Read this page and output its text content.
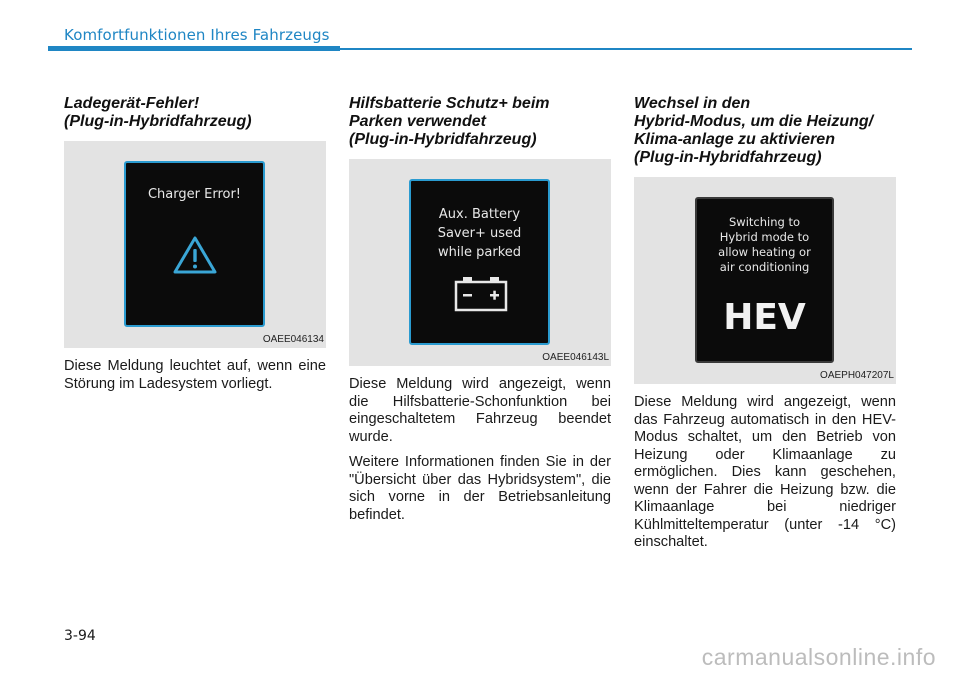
Komfortfunktionen Ihres Fahrzeugs
Ladegerät-Fehler!
(Plug-in-Hybridfahrzeug)
Charger Error!
OAEE046134

Diese Meldung leuchtet auf, wenn eine Störung im Ladesystem vorliegt.

Hilfsbatterie Schutz+ beim
Parken verwendet
(Plug-in-Hybridfahrzeug)
Aux. Battery
Saver+ used
while parked
OAEE046143L

Diese Meldung wird angezeigt, wenn die Hilfsbatterie-Schonfunktion bei eingeschaltetem Fahrzeug beendet wurde.

Weitere Informationen finden Sie in der "Übersicht über das Hybridsystem", die sich vorne in der Betriebsanleitung befindet.

Wechsel in den
Hybrid-Modus, um die Heizung/
Klima-anlage zu aktivieren
(Plug-in-Hybridfahrzeug)
Switching to
Hybrid mode to
allow heating or
air conditioning
HEV
OAEPH047207L

Diese Meldung wird angezeigt, wenn das Fahrzeug automatisch in den HEV-Modus schaltet, um den Betrieb von Heizung oder Klimaanlage zu ermöglichen. Dies kann geschehen, wenn der Fahrer die Heizung bzw. die Klimaanlage bei niedriger Kühlmitteltemperatur (unter -14 °C) einschaltet.

3-94
carmanualsonline.info
